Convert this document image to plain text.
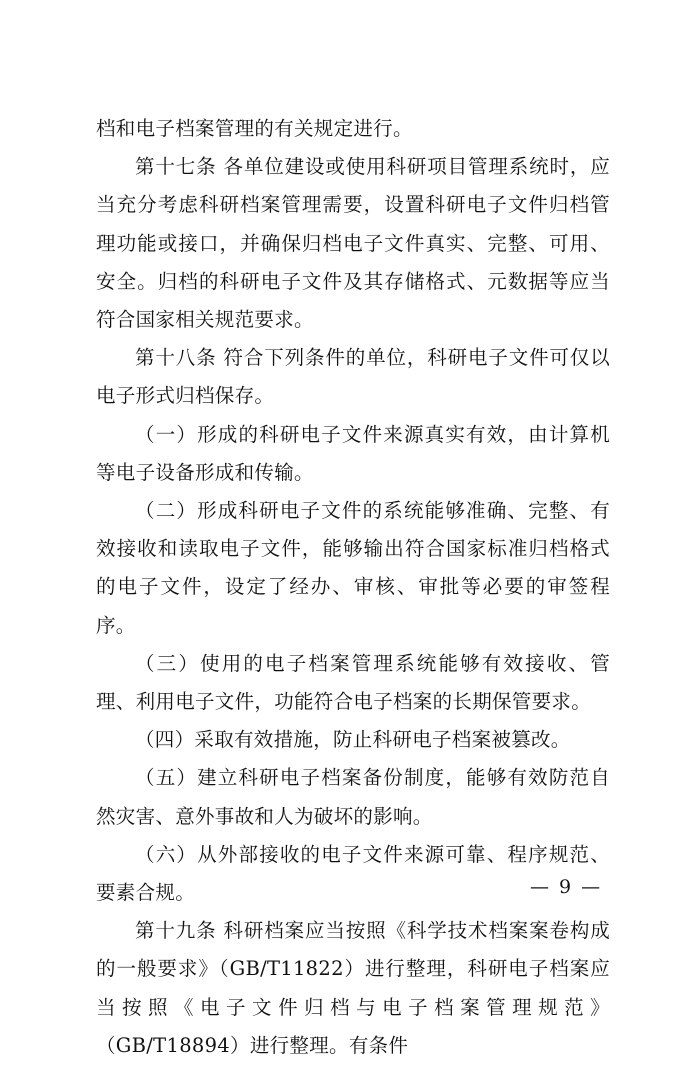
档和电子档案管理的有关规定进行。

第十七条 各单位建设或使用科研项目管理系统时，应当充分考虑科研档案管理需要，设置科研电子文件归档管理功能或接口，并确保归档电子文件真实、完整、可用、安全。归档的科研电子文件及其存储格式、元数据等应当符合国家相关规范要求。

第十八条 符合下列条件的单位，科研电子文件可仅以电子形式归档保存。

（一）形成的科研电子文件来源真实有效，由计算机等电子设备形成和传输。

（二）形成科研电子文件的系统能够准确、完整、有效接收和读取电子文件，能够输出符合国家标准归档格式的电子文件，设定了经办、审核、审批等必要的审签程序。

（三）使用的电子档案管理系统能够有效接收、管理、利用电子文件，功能符合电子档案的长期保管要求。

（四）采取有效措施，防止科研电子档案被篡改。

（五）建立科研电子档案备份制度，能够有效防范自然灾害、意外事故和人为破坏的影响。

（六）从外部接收的电子文件来源可靠、程序规范、要素合规。

第十九条 科研档案应当按照《科学技术档案案卷构成的一般要求》（GB/T11822）进行整理，科研电子档案应当按照《电子文件归档与电子档案管理规范》（GB/T18894）进行整理。有条件

— 9 —
